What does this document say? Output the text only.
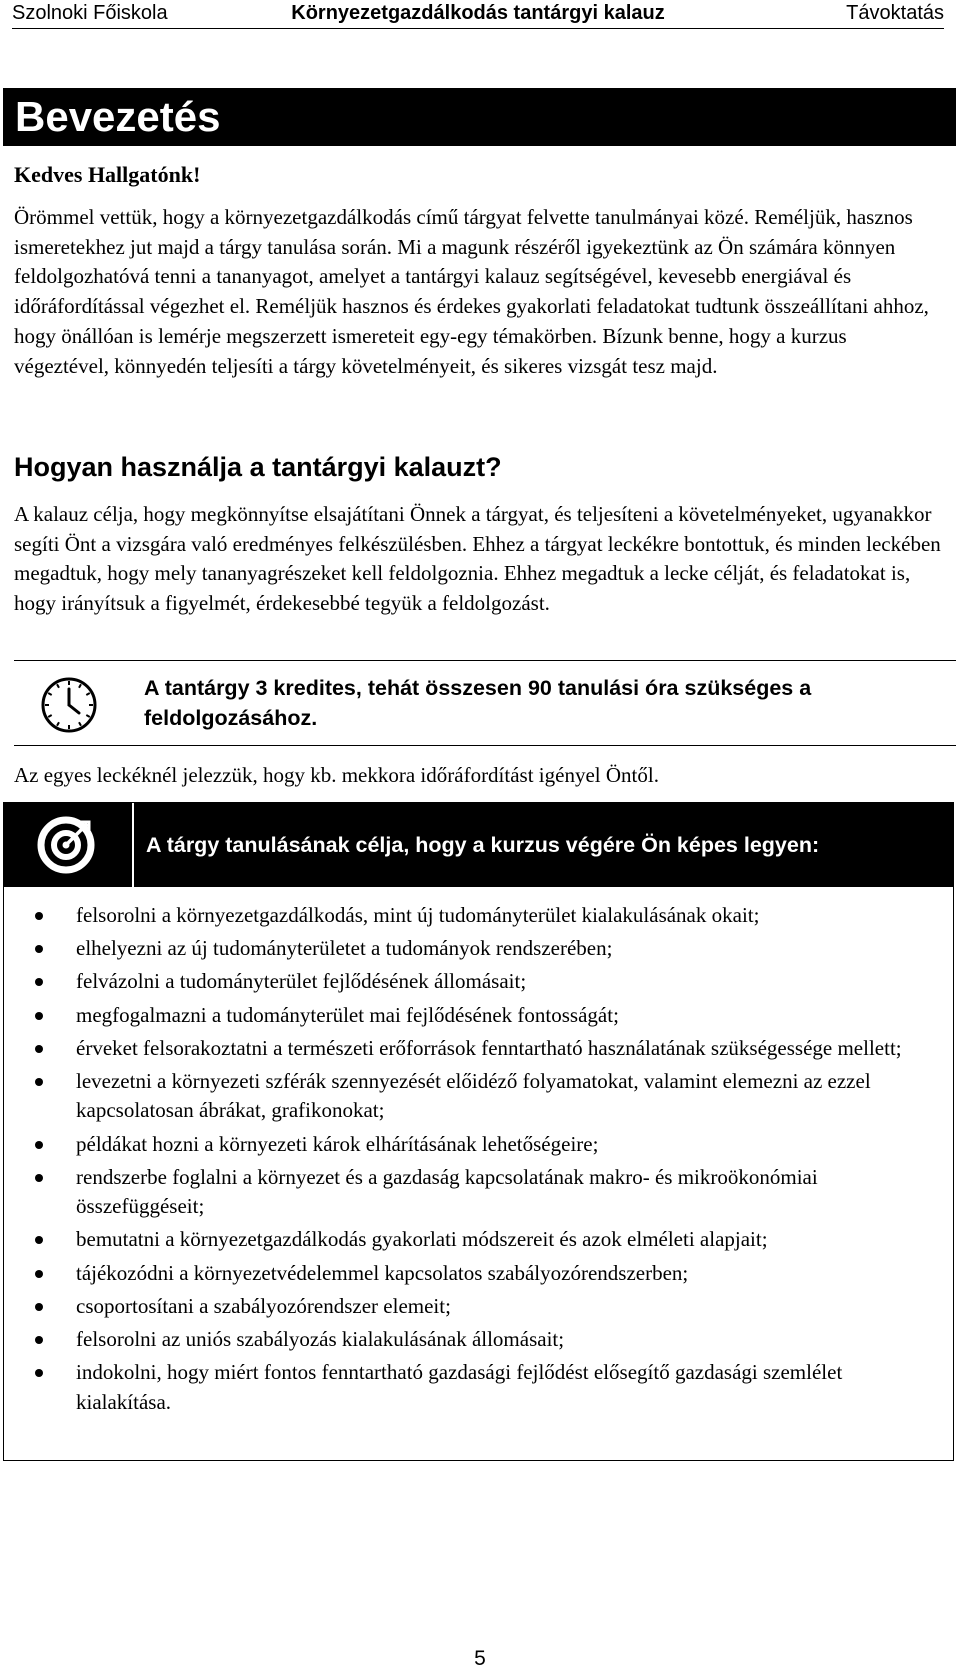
Szolnoki Főiskola	Környezetgazdálkodás tantárgyi kalauz	Távoktatás
Bevezetés
Kedves Hallgatónk!

Örömmel vettük, hogy a környezetgazdálkodás című tárgyat felvette tanulmányai közé. Reméljük, hasznos ismeretekhez jut majd a tárgy tanulása során. Mi a magunk részéről igyekeztünk az Ön számára könnyen feldolgozhatóvá tenni a tananyagot, amelyet a tantárgyi kalauz segítségével, kevesebb energiával és időráfordítással végezhet el. Reméljük hasznos és érdekes gyakorlati feladatokat tudtunk összeállítani ahhoz, hogy önállóan is lemérje megszerzett ismereteit egy-egy témakörben. Bízunk benne, hogy a kurzus végeztével, könnyedén teljesíti a tárgy követelményeit, és sikeres vizsgát tesz majd.

Hogyan használja a tantárgyi kalauzt?

A kalauz célja, hogy megkönnyítse elsajátítani Önnek a tárgyat, és teljesíteni a követelményeket, ugyanakkor segíti Önt a vizsgára való eredményes felkészülésben. Ehhez a tárgyat leckékre bontottuk, és minden leckében megadtuk, hogy mely tananyagrészeket kell feldolgoznia. Ehhez megadtuk a lecke célját, és feladatokat is, hogy irányítsuk a figyelmét, érdekesebbé tegyük a feldolgozást.

A tantárgy 3 kredites, tehát összesen 90 tanulási óra szükséges a feldolgozásához.

Az egyes leckéknél jelezzük, hogy kb. mekkora időráfordítást igényel Öntől.

A tárgy tanulásának célja, hogy a kurzus végére Ön képes legyen:
felsorolni a környezetgazdálkodás, mint új tudományterület kialakulásának okait;
elhelyezni az új tudományterületet a tudományok rendszerében;
felvázolni a tudományterület fejlődésének állomásait;
megfogalmazni a tudományterület mai fejlődésének fontosságát;
érveket felsorakoztatni a természeti erőforrások fenntartható használatának szükségessége mellett;
levezetni a környezeti szférák szennyezését előidéző folyamatokat, valamint elemezni az ezzel kapcsolatosan ábrákat, grafikonokat;
példákat hozni a környezeti károk elhárításának lehetőségeire;
rendszerbe foglalni a környezet és a gazdaság kapcsolatának makro- és mikroökonómiai összefüggéseit;
bemutatni a környezetgazdálkodás gyakorlati módszereit és azok elméleti alapjait;
tájékozódni a környezetvédelemmel kapcsolatos szabályozórendszerben;
csoportosítani a szabályozórendszer elemeit;
felsorolni az uniós szabályozás kialakulásának állomásait;
indokolni, hogy miért fontos fenntartható gazdasági fejlődést elősegítő gazdasági szemlélet kialakítása.
5
